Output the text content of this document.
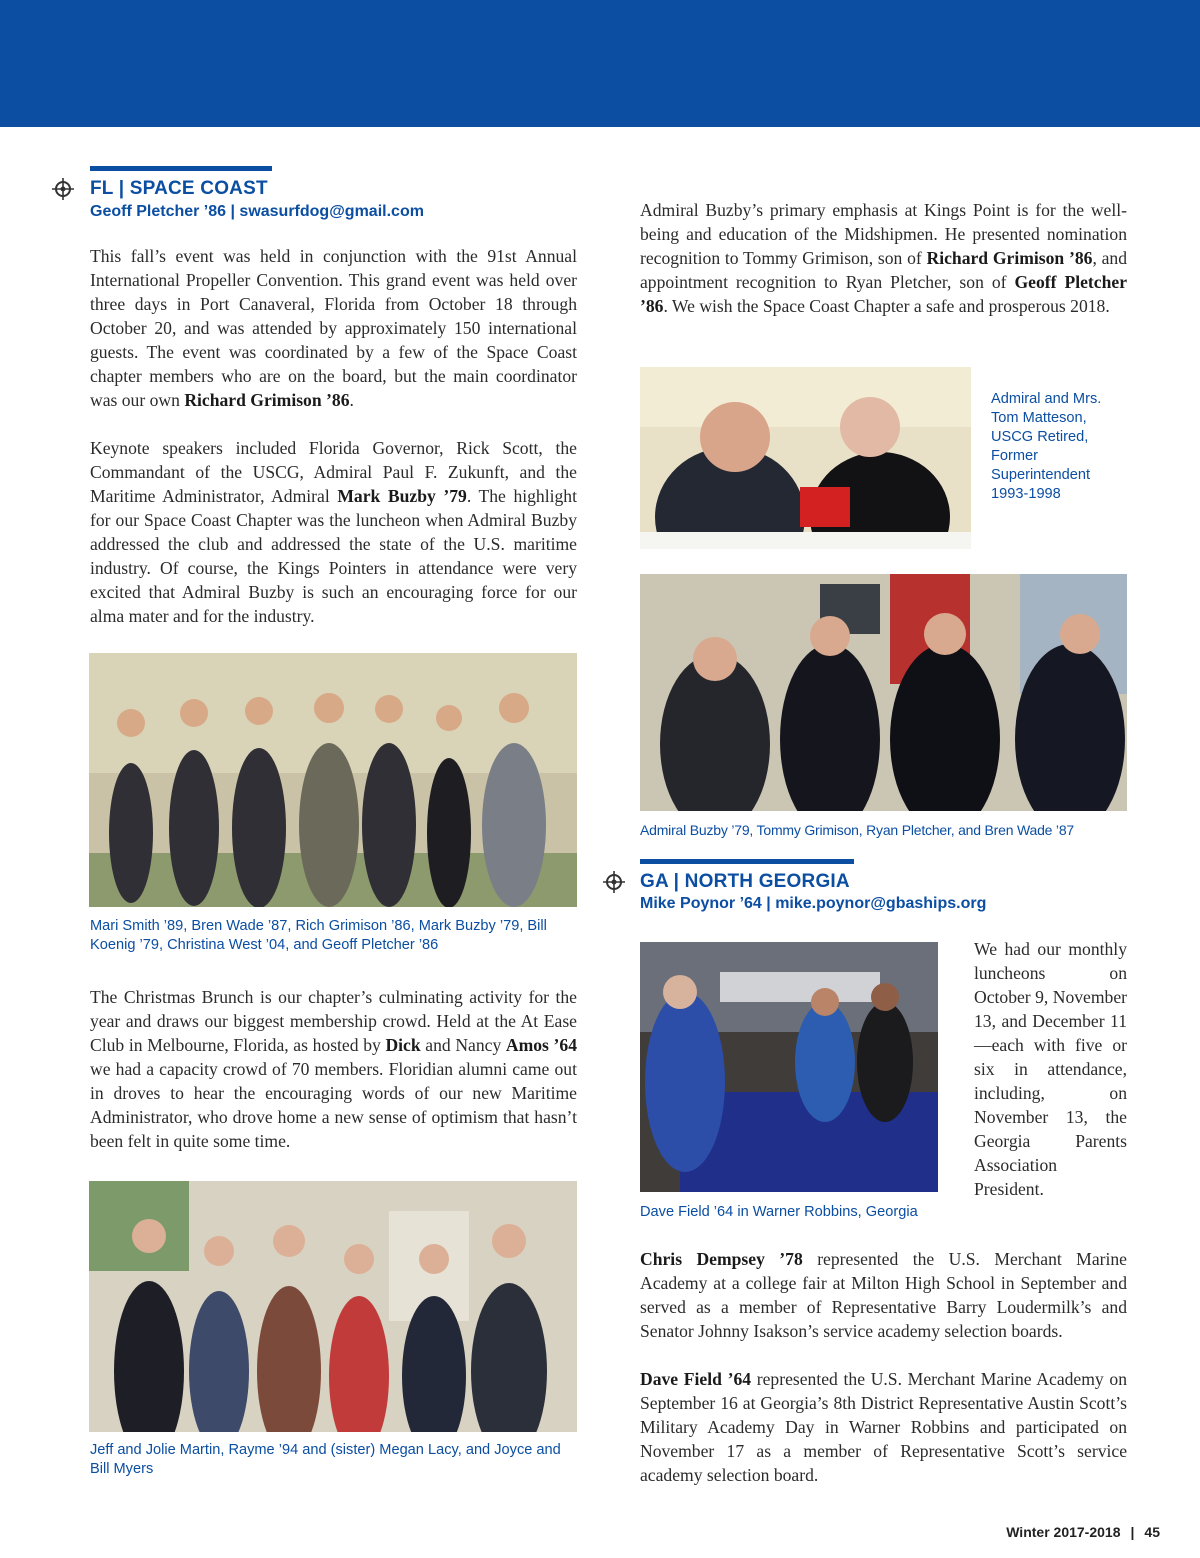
FL | SPACE COAST
Geoff Pletcher ’86 | swasurfdog@gmail.com

This fall’s event was held in conjunction with the 91st Annual International Propeller Convention. This grand event was held over three days in Port Canaveral, Florida from October 18 through October 20, and was attended by approximately 150 international guests. The event was coordinated by a few of the Space Coast chapter members who are on the board, but the main coordinator was our own Richard Grimison ’86.

Keynote speakers included Florida Governor, Rick Scott, the Commandant of the USCG, Admiral Paul F. Zukunft, and the Maritime Administrator, Admiral Mark Buzby ’79. The highlight for our Space Coast Chapter was the luncheon when Admiral Buzby addressed the club and addressed the state of the U.S. maritime industry. Of course, the Kings Pointers in attendance were very excited that Admiral Buzby is such an encouraging force for our alma mater and for the industry.

Mari Smith ’89, Bren Wade ’87, Rich Grimison ’86, Mark Buzby ’79, Bill Koenig ’79, Christina West ’04, and Geoff Pletcher ’86

The Christmas Brunch is our chapter’s culminating activity for the year and draws our biggest membership crowd. Held at the At Ease Club in Melbourne, Florida, as hosted by Dick and Nancy Amos ’64 we had a capacity crowd of 70 members. Floridian alumni came out in droves to hear the encouraging words of our new Maritime Administrator, who drove home a new sense of optimism that hasn’t been felt in quite some time.

Jeff and Jolie Martin, Rayme ’94 and (sister) Megan Lacy, and Joyce and Bill Myers

Admiral Buzby’s primary emphasis at Kings Point is for the well-being and education of the Midshipmen. He presented nomination recognition to Tommy Grimison, son of Richard Grimison ’86, and appointment recognition to Ryan Pletcher, son of Geoff Pletcher ’86. We wish the Space Coast Chapter a safe and prosperous 2018.

Admiral and Mrs. Tom Matteson, USCG Retired, Former Superintendent 1993-1998
Admiral Buzby ’79, Tommy Grimison, Ryan Pletcher, and Bren Wade ’87
GA | NORTH GEORGIA
Mike Poynor ’64 | mike.poynor@gbaships.org
Dave Field ’64 in Warner Robbins, Georgia

We had our monthly luncheons on October 9, November 13, and December 11—each with five or six in attendance, including, on November 13, the Georgia Parents Association President.

Chris Dempsey ’78 represented the U.S. Merchant Marine Academy at a college fair at Milton High School in September and served as a member of Representative Barry Loudermilk’s and Senator Johnny Isakson’s service academy selection boards.

Dave Field ’64 represented the U.S. Merchant Marine Academy on September 16 at Georgia’s 8th District Representative Austin Scott’s Military Academy Day in Warner Robbins and participated on November 17 as a member of Representative Scott’s service academy selection board.

Winter 2017-2018 | 45
